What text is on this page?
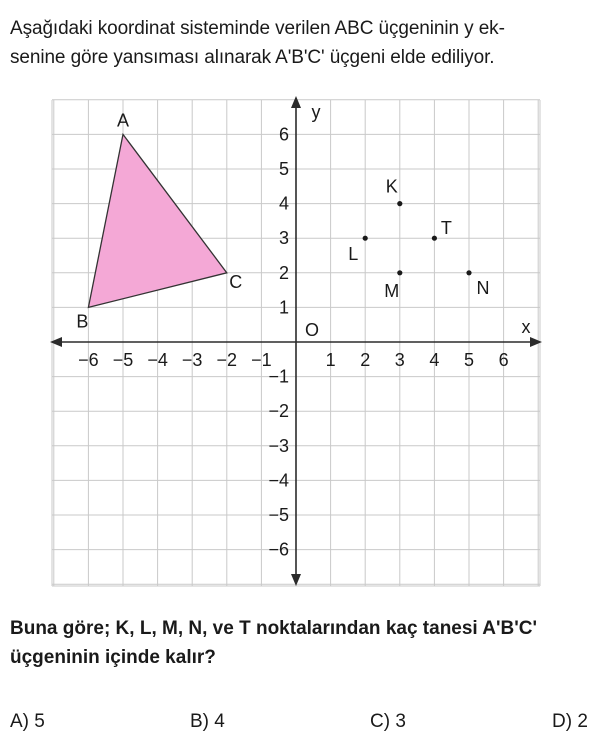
Aşağıdaki koordinat sisteminde verilen ABC üçgeninin y ek-
senine göre yansıması alınarak A'B'C' üçgeni elde ediliyor.
−6 −5 −4 −3 −2 −1	1 2 3 4 5 6
6
5
4
3
2
1
−1
−2
−3
−4
−5
−6
A
B
C
K
L
M	N
T
x
y
O
Buna göre; K, L, M, N, ve T noktalarından kaç tanesi A'B'C'
üçgeninin içinde kalır?
A) 5	B) 4	C) 3	D) 2
